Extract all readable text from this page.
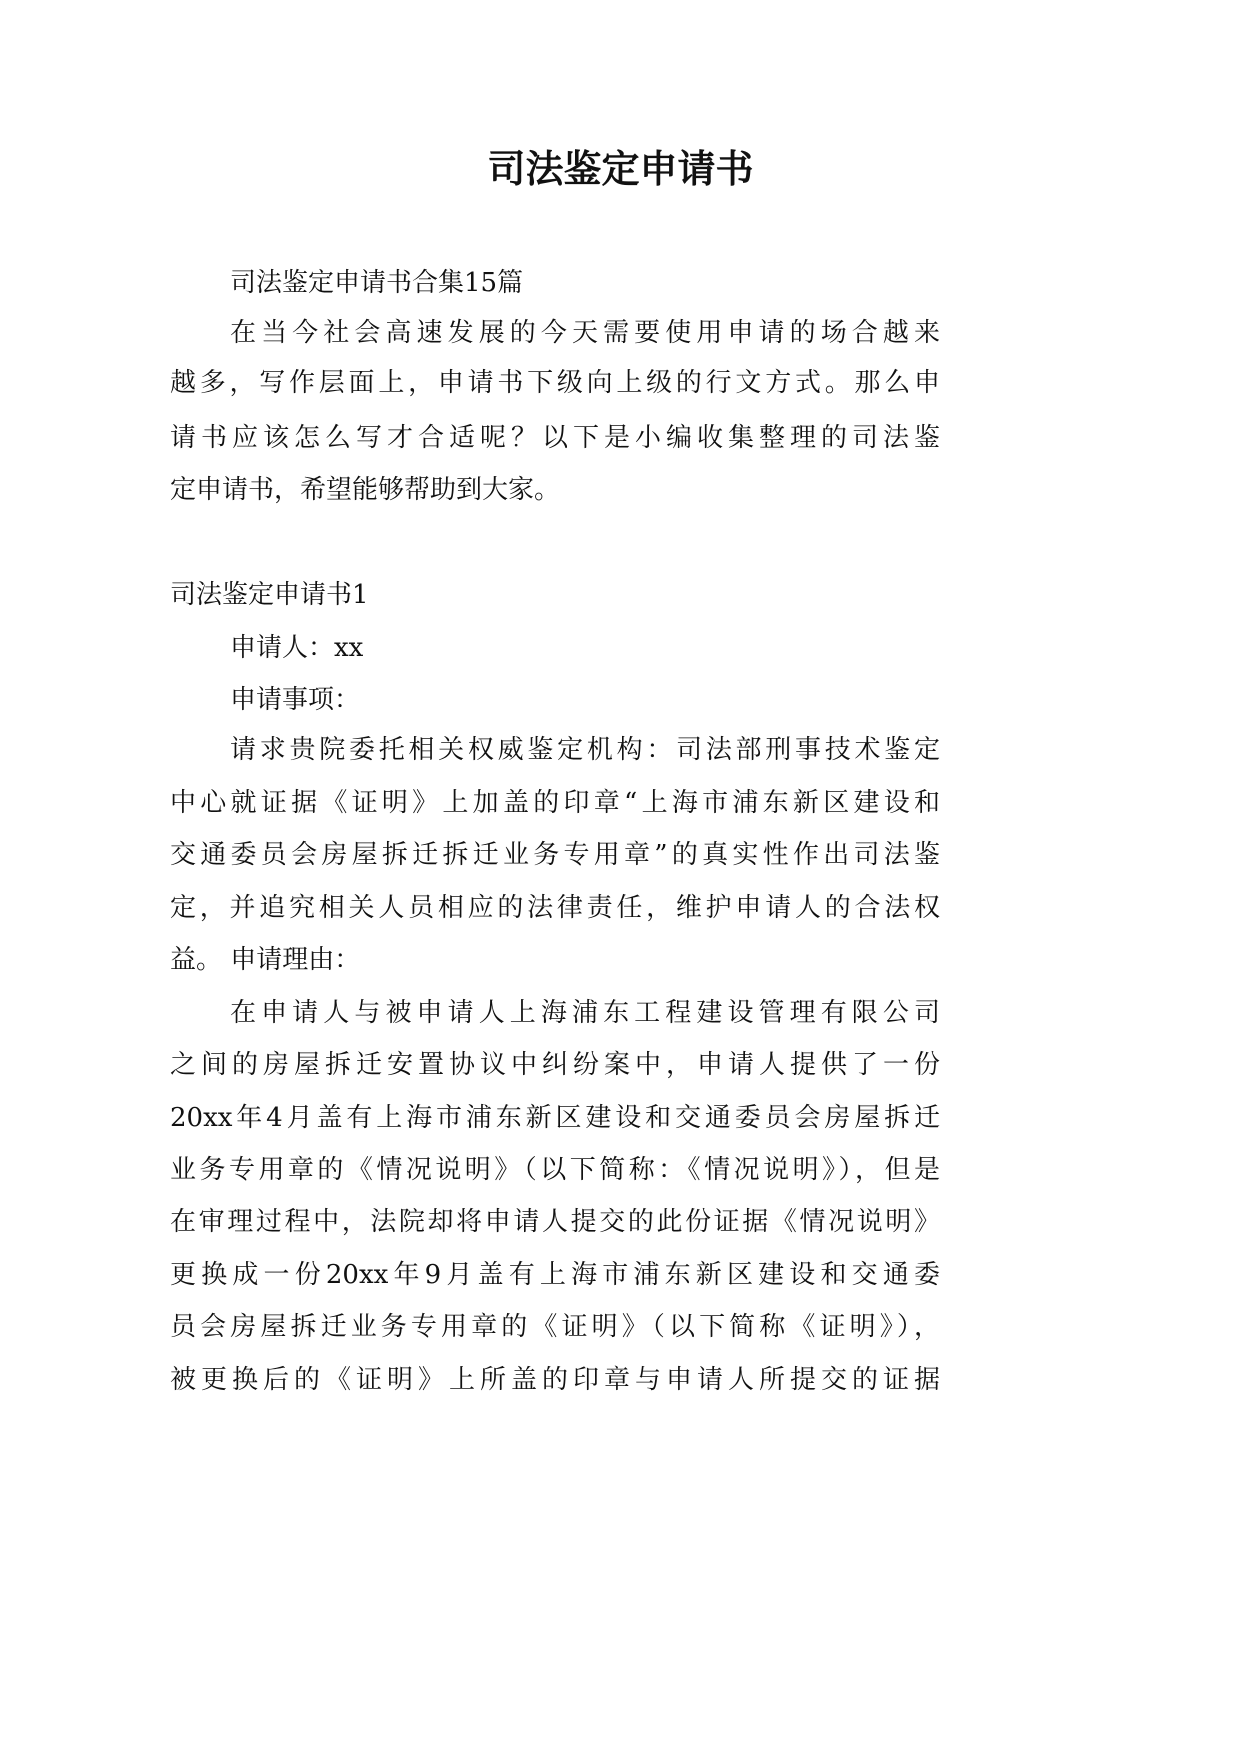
司法鉴定申请书
司法鉴定申请书合集15篇
在当今社会高速发展的今天需要使用申请的场合越来
越多，写作层面上，申请书下级向上级的行文方式。那么申
请书应该怎么写才合适呢？以下是小编收集整理的司法鉴
定申请书，希望能够帮助到大家。
司法鉴定申请书1
申请人：xx
申请事项：
请求贵院委托相关权威鉴定机构：司法部刑事技术鉴定
中心就证据《证明》上加盖的印章“上海市浦东新区建设和
交通委员会房屋拆迁拆迁业务专用章”的真实性作出司法鉴
定，并追究相关人员相应的法律责任，维护申请人的合法权
益。 申请理由：
在申请人与被申请人上海浦东工程建设管理有限公司
之间的房屋拆迁安置协议中纠纷案中，申请人提供了一份
20xx年4月盖有上海市浦东新区建设和交通委员会房屋拆迁
业务专用章的《情况说明》（以下简称：《情况说明》），但是
在审理过程中，法院却将申请人提交的此份证据《情况说明》
更换成一份20xx年9月盖有上海市浦东新区建设和交通委
员会房屋拆迁业务专用章的《证明》（以下简称《证明》），
被更换后的《证明》上所盖的印章与申请人所提交的证据
